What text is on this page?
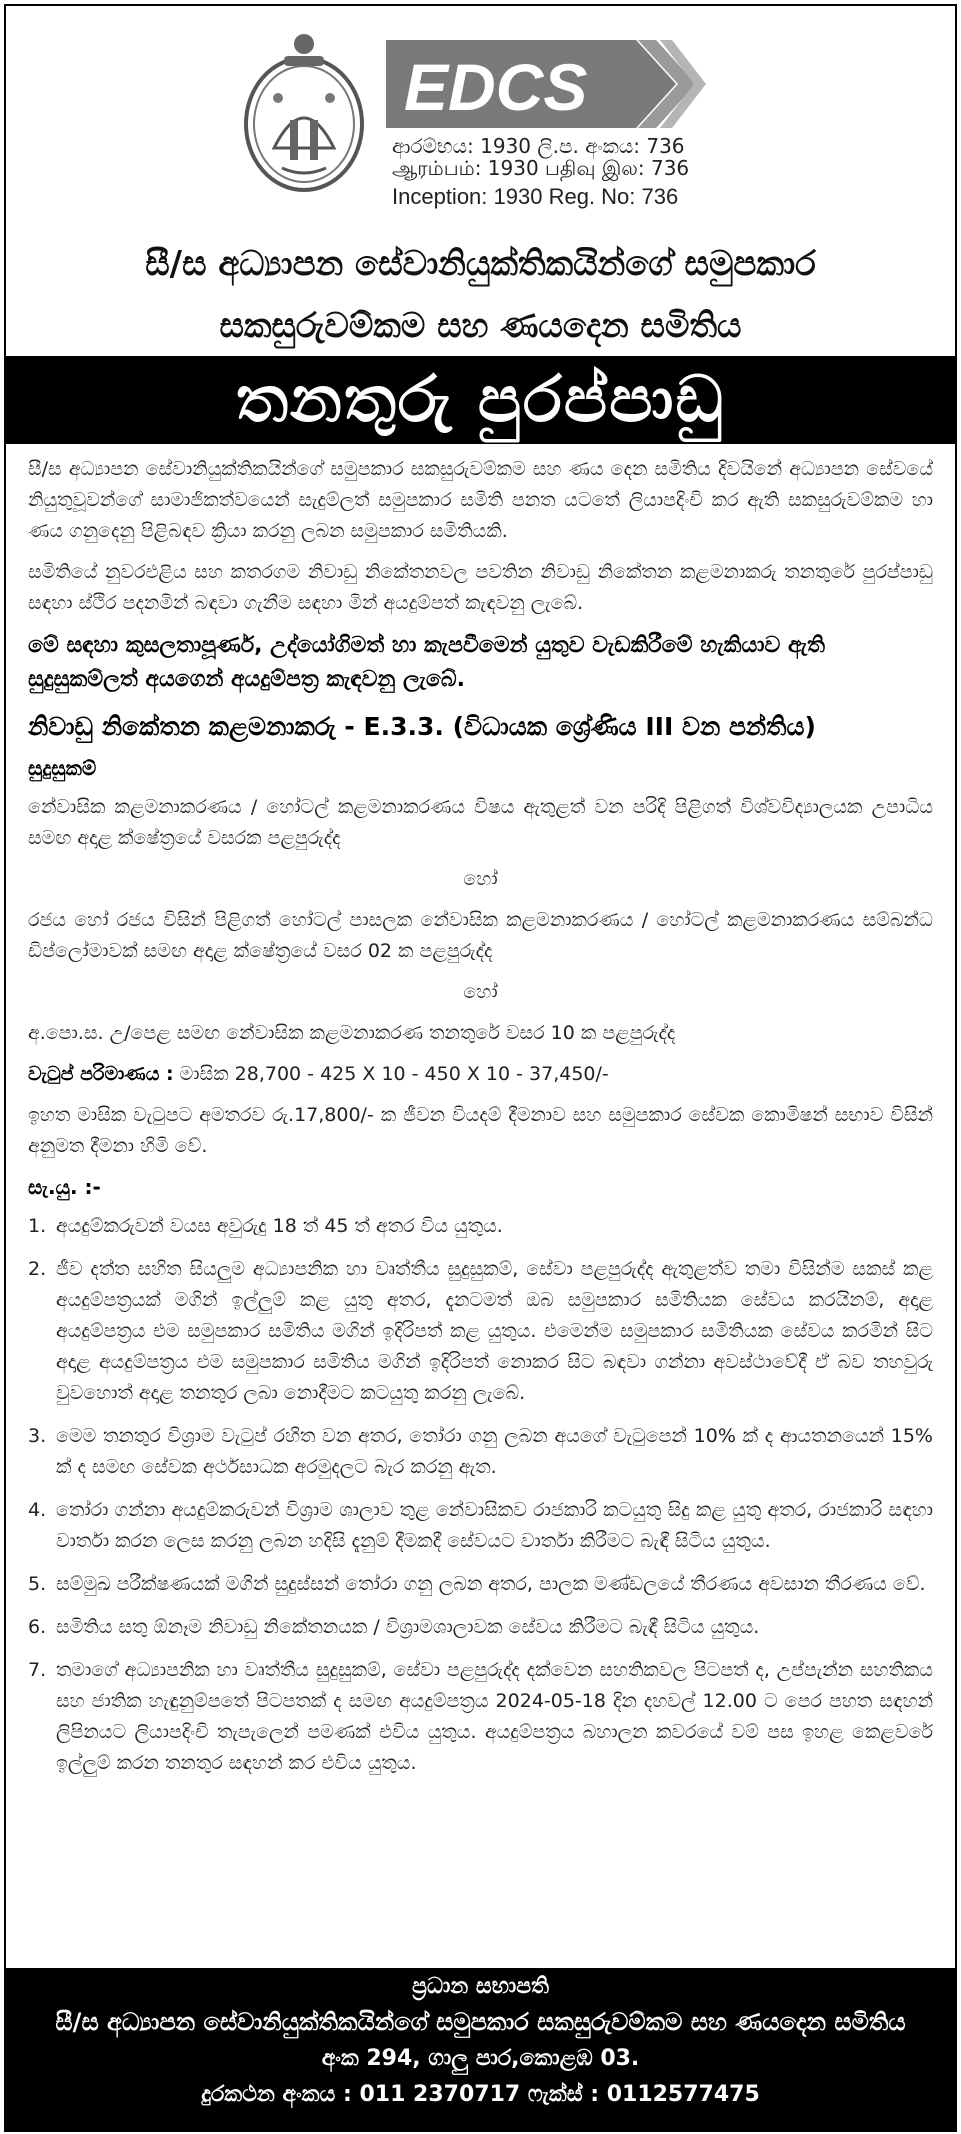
EDCS
ආරම්භය: 1930 ලි.ප. අංකය: 736
ஆரம்பம்: 1930 பதிவு இல: 736
Inception: 1930 Reg. No: 736
සී/ස අධ්‍යාපන සේවානියුක්තිකයින්ගේ සමුපකාර
සකසුරුවම්කම සහ ණයදෙන සමිතිය
තනතුරු පුරප්පාඩු

සී/ස අධ්‍යාපන සේවානියුක්තිකයින්ගේ සමුපකාර සකසුරුවම්කම සහ ණය දෙන සමිතිය දිවයිනේ අධ්‍යාපන සේවයේ නියුතුවූවන්ගේ සාමාජිකත්වයෙන් සැදුම්ලත් සමුපකාර සමිති පනත යටතේ ලියාපදිංචි කර ඇති සකසුරුවම්කම හා ණය ගනුදෙනු පිළිබඳව ක්‍රියා කරනු ලබන සමුපකාර සමිතියකි.

සමිතියේ නුවරඑළිය සහ කතරගම නිවාඩු නිකේතනවල පවතින නිවාඩු නිකේතන කළමනාකරු තනතුරේ පුරප්පාඩු සඳහා ස්ථිර පදනමින් බඳවා ගැනීම සඳහා මින් අයදුම්පත් කැඳවනු ලැබේ.

මේ සඳහා කුසලතාපූර්ණ, උද්යෝගිමත් හා කැපවීමෙන් යුතුව වැඩකිරීමේ හැකියාව ඇති සුදුසුකම්ලත් අයගෙන් අයදුම්පත්‍ර කැඳවනු ලැබේ.

නිවාඩු නිකේතන කළමනාකරු - E.3.3. (විධායක ශ්‍රේණිය III වන පන්තිය)
සුදුසුකම්

නේවාසික කළමනාකරණය / හෝටල් කළමනාකරණය විෂය ඇතුළත් වන පරිදි පිළිගත් විශ්වවිද්‍යාලයක උපාධිය සමඟ අදාළ ක්ෂේත්‍රයේ වසරක පළපුරුද්ද

හෝ

රජය හෝ රජය විසින් පිළිගත් හෝටල් පාසලක නේවාසික කළමනාකරණය / හෝටල් කළමනාකරණය සම්බන්ධ ඩිප්ලෝමාවක් සමඟ අදාළ ක්ෂේත්‍රයේ වසර 02 ක පළපුරුද්ද

හෝ

අ.පො.ස. උ/පෙළ සමඟ නේවාසික කළමනාකරණ තනතුරේ වසර 10 ක පළපුරුද්ද

වැටුප් පරිමාණය : මාසික 28,700 - 425 X 10 - 450 X 10 - 37,450/-

ඉහත මාසික වැටුපට අමතරව රු.17,800/- ක ජීවන වියදම් දීමනාව සහ සමුපකාර සේවක කොමිෂන් සභාව විසින් අනුමත දීමනා හිමි වේ.

සැ.යු. :-
1. අයදුම්කරුවන් වයස අවුරුදු 18 ත් 45 ත් අතර විය යුතුය.
2. ජීව දත්ත සහිත සියලුම අධ්‍යාපනික හා වෘත්තීය සුදුසුකම්, සේවා පළපුරුද්ද ඇතුළත්ව තමා විසින්ම සකස් කළ අයදුම්පත්‍රයක් මගින් ඉල්ලුම් කළ යුතු අතර, දැනටමත් ඔබ සමුපකාර සමිතියක සේවය කරයිනම්, අදාළ අයදුම්පත්‍රය එම සමුපකාර සමිතිය මගින් ඉදිරිපත් කළ යුතුය. එමෙන්ම සමුපකාර සමිතියක සේවය කරමින් සිට අදාළ අයදුම්පත්‍රය එම සමුපකාර සමිතිය මගින් ඉදිරිපත් නොකර සිට බඳවා ගන්නා අවස්ථාවේදී ඒ බව තහවුරු වුවහොත් අදාළ තනතුර ලබා නොදීමට කටයුතු කරනු ලැබේ.
3. මෙම තනතුර විශ්‍රාම වැටුප් රහිත වන අතර, තෝරා ගනු ලබන අයගේ වැටුපෙන් 10% ක් ද ආයතනයෙන් 15% ක් ද සමඟ සේවක අර්ථසාධක අරමුදලට බැර කරනු ඇත.
4. තෝරා ගන්නා අයදුම්කරුවන් විශ්‍රාම ශාලාව තුළ නේවාසිකව රාජකාරි කටයුතු සිදු කළ යුතු අතර, රාජකාරි සඳහා වාර්තා කරන ලෙස කරනු ලබන හදිසි දැනුම් දීමකදී සේවයට වාර්තා කිරීමට බැඳී සිටිය යුතුය.
5. සම්මුඛ පරීක්ෂණයක් මගින් සුදුස්සන් තෝරා ගනු ලබන අතර, පාලක මණ්ඩලයේ තීරණය අවසාන තීරණය වේ.
6. සමිතිය සතු ඕනෑම නිවාඩු නිකේතනයක / විශ්‍රාමශාලාවක සේවය කිරීමට බැඳී සිටිය යුතුය.
7. තමාගේ අධ්‍යාපනික හා වෘත්තීය සුදුසුකම්, සේවා පළපුරුද්ද දක්වෙන සහතිකවල පිටපත් ද, උප්පැන්න සහතිකය සහ ජාතික හැඳුනුම්පතේ පිටපතක් ද සමඟ අයදුම්පත්‍රය 2024-05-18 දින දහවල් 12.00 ට පෙර පහත සඳහන් ලිපිනයට ලියාපදිංචි තැපැලෙන් පමණක් එවිය යුතුය. අයදුම්පත්‍රය බහාලන කවරයේ වම් පස ඉහළ කෙළවරේ ඉල්ලුම් කරන තනතුර සඳහන් කර එවිය යුතුය.
ප්‍රධාන සභාපති
සී/ස අධ්‍යාපන සේවානියුක්තිකයින්ගේ සමුපකාර සකසුරුවම්කම සහ ණයදෙන සමිතිය
අංක 294, ගාලු පාර,කොළඹ 03.
දුරකථන අංකය : 011 2370717 ෆැක්ස් : 0112577475
